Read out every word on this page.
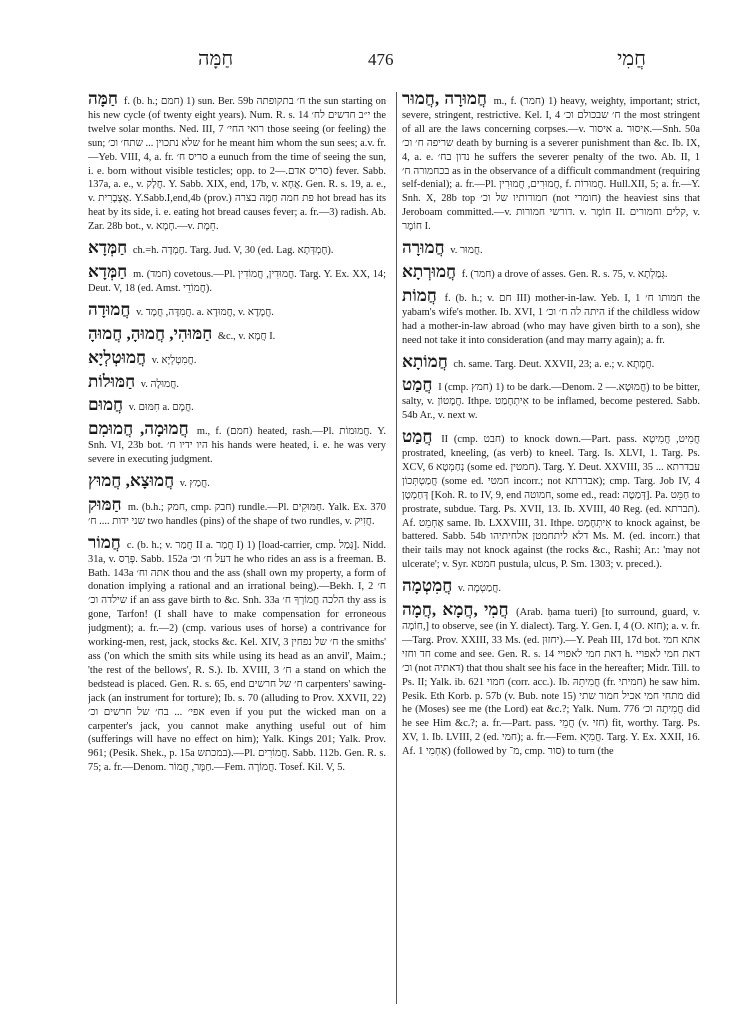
חַמָּה	476	חֲמִי

חַמָּה f. (b. h.; חמם) 1) sun. Ber. 59b ח׳ בתקופתה the sun starting on his new cycle (of twenty eight years). Num. R. s. 14 י״ב חדשים לח׳ the twelve solar months. Ned. III, 7 רואי החי׳ those seeing (or feeling) the sun; שלא נתכוין ... שתח׳ וכ׳ for he meant him whom the sun sees; a.v. fr.—Yeb. VIII, 4, a. fr. סריס ח׳ a eunuch from the time of seeing the sun, i. e. born without visible testicles; opp. to סריס אדם.—2) fever. Sabb. 137a, a. e., v. חֲלָק. Y. Sabb. XIX, end, 17b, v. אֲחָא. Gen. R. s. 19, a. e., v. אֲצְבָרִית. Y.Sabb.I,end,4b (prov.) פת חמה חַמָּה בצרה hot bread has its heat by its side, i. e. eating hot bread causes fever; a. fr.—3) radish. Ab. Zar. 28b bot., v. חָמָא.—v. חֵמָת.

חַמְּדָא ch.=h. חֶמְדָה. Targ. Jud. V, 30 (ed. Lag. חֶמְדְּתָא).

חַמְּדָא m. (חמד) covetous.—Pl. חֲמוּדִין, חֲמוֹדִין. Targ. Y. Ex. XX, 14; Deut. V, 18 (ed. Amst. חֲמוֹדֵי).

חֲמוּדָה v. חֲמִדָּה, חֲמָד. a. חֲמוּדָא, v. חֲמָדָא.

חַמּוּהִי, חֲמוּהָ, חֲמוּהָ &c., v. חֲמָא I.

חֲמוּטְלְיָא v. חֲמִטְלְיָא.

חַמּוּלוֹת v. חֲמוּלָה.

חֲמוּם v. חִמּוּם a. חֲמָם.

חֲמוּמָה, חֲמוּמִם m., f. (חמם) heated, rash.—Pl. חֲמוּמוֹת. Y. Snh. VI, 23b bot. היו ידיו ח׳ his hands were heated, i. e. he was very severe in executing judgment.

חֲמוּצָא, חֲמוּץ v. חֲמַץ.

חַמּוּק m. (b.h.; חמק, cmp. חבק) rundle.—Pl. חַמּוּקִים. Yalk. Ex. 370 שני ידות .... ח׳ two handles (pins) of the shape of two rundles, v. חֲזִיק.

חֲמוֹר c. (b. h.; v. חֲמַר II a. חֲמַר I) 1) [load-carrier, cmp. גַּמַל]. Nidd. 31a, v. פְּרַס. Sabb. 152a דעל ח׳ וכ׳ he who rides an ass is a freeman. B. Bath. 143a אתה וח׳ thou and the ass (shall own my property, a form of donation implying a rational and an irrational being).—Bekh. I, 2 ח׳ שילדה וכ׳ if an ass gave birth to &c. Snh. 33a הלכה חֲמוֹרְךָ ח׳ thy ass is gone, Tarfon! (I shall have to make compensation for erroneous judgment); a. fr.—2) (cmp. various uses of horse) a contrivance for working-men, rest, jack, stocks &c. Kel. XIV, 3 ח׳ של נפחין the smiths' ass ('on which the smith sits while using its head as an anvil', Maim.; 'the rest of the bellows', R. S.). Ib. XVIII, 3 ח׳ a stand on which the bedstead is placed. Gen. R. s. 65, end ח׳ של חרשים carpenters' sawing-jack (an instrument for torture); Ib. s. 70 (alluding to Prov. XXVII, 22) אפי׳ ... בח׳ של חרשים וכ׳ even if you put the wicked man on a carpenter's jack, you cannot make anything useful out of him (sufferings will have no effect on him); Yalk. Kings 201; Yalk. Prov. 961; (Pesik. Shek., p. 15a במכתש).—Pl. חֲמוֹרִים. Sabb. 112b. Gen. R. s. 75; a. fr.—Denom. חַמָּר, חֲמוֹר.—Fem. חֲמוֹרָה. Tosef. Kil. V, 5.

חֲמוּרָה ,חֲמוּר m., f. (חמר) 1) heavy, weighty, important; strict, severe, stringent, restrictive. Kel. I, 4 ח׳ שבכולם וכ׳ the most stringent of all are the laws concerning corpses.—v. איסור a. אִיסוּר.—Snh. 50a שריפה ח׳ וכ׳ death by burning is a severer punishment than &c. Ib. IX, 4, a. e. נדון בח׳ he suffers the severer penalty of the two. Ab. II, 1 בכחמורה ח׳ as in the observance of a difficult commandment (requiring self-denial); a. fr.—Pl. חֲמוּרִים, חֲמוּרִין, f. חֲמוּרוֹת. Hull.XII, 5; a. fr.—Y. Snh. X, 28b top חמורותיו של וכ׳ (not חומרי) the heaviest sins that Jeroboam committed.—v. דורשי חמורות. v. חוֹמֶר II. קלים וחמורים, v. חוֹמֶר I.

חֲמוּרָה v. חֲמוּר.

חֲמוּרְתָא f. (חמר) a drove of asses. Gen. R. s. 75, v. גְּמַלְתָא.

חֲמוֹת f. (b. h.; v. חם III) mother-in-law. Yeb. I, 1 חמותו ח׳ the yabam's wife's mother. Ib. XVI, 1 היתה לה ח׳ וכ׳ if the childless widow had a mother-in-law abroad (who may have given birth to a son), she need not take it into consideration (and may marry again); a. fr.

חֲמוֹתָא ch. same. Targ. Deut. XXVII, 23; a. e.; v. חֲמָתָא.

חֲמַט I (cmp. חמץ) 1) to be dark.—Denom. חֲמוּטָא.— 2) to be bitter, salty, v. חֲמָטוֹן. Ithpe. אִיתְחָמַט to be inflamed, become pestered. Sabb. 54b Ar., v. next w.

חֲמַט II (cmp. חבט) to knock down.—Part. pass. חֲמִיט, חֲמִיטָא prostrated, kneeling, (as verb) to kneel. Targ. Is. XLVI, 1. Targ. Ps. XCV, 6 נְחַמְטָא (some ed. חמטין). Targ. Y. Deut. XXVIII, 35 עבדרתא ... חֲמַטְתְּכוֹן (some ed. חמטי incorr.; not אבדרתא); cmp. Targ. Job IV, 4 דָּחַמְטָן [Koh. R. to IV, 9, end חמוטה, some ed., read: דְּמַטֶה]. Pa. חַמֵּט to prostrate, subdue. Targ. Ps. XVII, 13. Ib. XVIII, 40 Reg. (ed. תברתא). Af. אַחְמֵט same. Ib. LXXVIII, 31. Ithpe. אִיתְחָמַט to knock against, be battered. Sabb. 54b דלא ליתחמטן אלחיתיהו Ms. M. (ed. incorr.) that their tails may not knock against (the rocks &c., Rashi; Ar.: 'may not ulcerate'; v. Syr. חמטא pustula, ulcus, P. Sm. 1303; v. preced.).

חֲמִטְמָה v. חֲמַטְמָה.

חֲמִי ,חֲמָא ,חֲמָה (Arab. ḥama tueri) [to surround, guard, v. חוֹמָה,] to observe, see (in Y. dialect). Targ. Y. Gen. I, 4 (O. חזא); a. v. fr.—Targ. Prov. XXIII, 33 Ms. (ed. יחזוּן).—Y. Peah III, 17d bot. אתא חמי חד וחזי come and see. Gen. R. s. 14 דאת חמי לאפויי h. דאת חמי לאפויי וכ׳ (not דאתיה) that thou shalt see his face in the hereafter; Midr. Till. to Ps. II; Yalk. ib. 621 חמוי (corr. acc.). Ib. חֲמִיתֵהּ (fr. חמיתי) he saw him. Pesik. Eth Korb. p. 57b (v. Bub. note 15) מתחי חמי אכיל חמור שתי did he (Moses) see me (the Lord) eat &c.?; Yalk. Num. 776 חֲמִיתָה וכ׳ did he see Him &c.?; a. fr.—Part. pass. חֲמֵי (v. חזי) fit, worthy. Targ. Ps. XV, 1. Ib. LVIII, 2 (ed. חמי); a. fr.—Fem. חֲמִיָא. Targ. Y. Ex. XXII, 16. Af. אַחְמִי 1) (followed by מ־, cmp. סור) to turn (the
